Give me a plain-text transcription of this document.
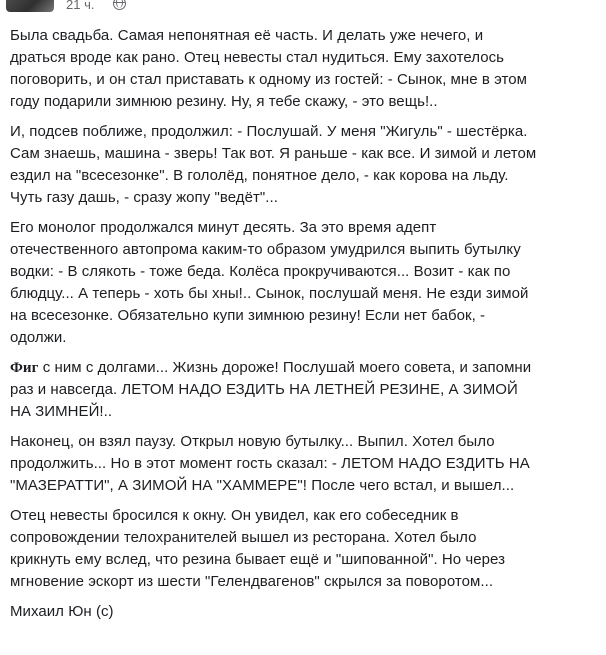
21 ч.

Была свадьба. Самая непонятная её часть. И делать уже нечего, и
драться вроде как рано. Отец невесты стал нудиться. Ему захотелось
поговорить, и он стал приставать к одному из гостей: - Сынок, мне в этом
году подарили зимнюю резину. Ну, я тебе скажу, - это вещь!..

И, подсев поближе, продолжил: - Послушай. У меня "Жигуль" - шестёрка.
Сам знаешь, машина - зверь! Так вот. Я раньше - как все. И зимой и летом
ездил на "всесезонке". В гололёд, понятное дело, - как корова на льду.
Чуть газу дашь, - сразу жопу "ведёт"...

Его монолог продолжался минут десять. За это время адепт
отечественного автопрома каким-то образом умудрился выпить бутылку
водки: - В слякоть - тоже беда. Колёса прокручиваются... Возит - как по
блюдцу... А теперь - хоть бы хны!.. Сынок, послушай меня. Не езди зимой
на всесезонке. Обязательно купи зимнюю резину! Если нет бабок, -
одолжи.

Фиг с ним с долгами... Жизнь дороже! Послушай моего совета, и запомни
раз и навсегда. ЛЕТОМ НАДО ЕЗДИТЬ НА ЛЕТНЕЙ РЕЗИНЕ, А ЗИМОЙ
НА ЗИМНЕЙ!..

Наконец, он взял паузу. Открыл новую бутылку... Выпил. Хотел было
продолжить... Но в этот момент гость сказал: - ЛЕТОМ НАДО ЕЗДИТЬ НА
"МАЗЕРАТТИ", А ЗИМОЙ НА "ХАММЕРЕ"! После чего встал, и вышел...

Отец невесты бросился к окну. Он увидел, как его собеседник в
сопровождении телохранителей вышел из ресторана. Хотел было
крикнуть ему вслед, что резина бывает ещё и "шипованной". Но через
мгновение эскорт из шести "Гелендвагенов" скрылся за поворотом...

Михаил Юн (с)
